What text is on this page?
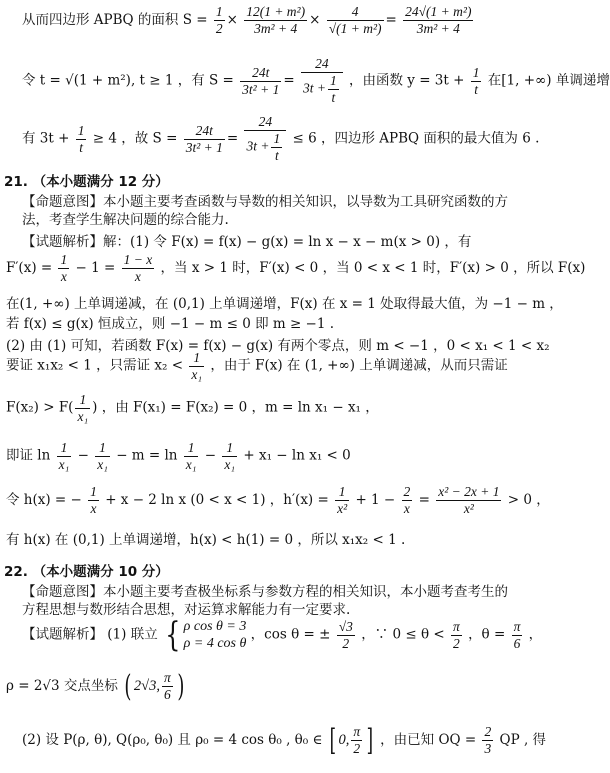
从而四边形 APBQ 的面积 $S = \frac{1}{2} \times \frac{\text{12(1 + m²)}}{\text{3m² + 4}} \times \frac{4}{\text{√(1 + m²)}} = \frac{\text{24√(1 + m²)}}{\text{3m² + 4}}$
令 t = √(1 + m²), t ≥ 1 ，有 $S = \frac{24t}{\text{3t² + 1}} = \frac{24}{3t + \frac{1}{t}}$ ，由函数 $y = 3t + \frac{1}{t}$ 在[1, +∞) 单调递增
有 $3t + \frac{1}{t} \ge 4$ ，故 $S = \frac{24t}{\text{3t² + 1}} = \frac{24}{3t + \frac{1}{t}} \le 6$ ，四边形 APBQ 面积的最大值为 6 .
21. （本小题满分 12 分）
【命题意图】本小题主要考查函数与导数的相关知识，以导数为工具研究函数的方
法，考查学生解决问题的综合能力.
【试题解析】解：(1) 令 F(x) = f(x) − g(x) = ln x − x − m(x > 0) ，有
$F'(x) = \frac{1}{x} - 1 = \frac{1 - x}{x}$ ，当 x > 1 时，F′(x) < 0 ，当 0 < x < 1 时，F′(x) > 0 ，所以 F(x)
在(1, +∞) 上单调递减，在 (0,1) 上单调递增，F(x) 在 x = 1 处取得最大值，为 −1 − m ，
若 f(x) ≤ g(x) 恒成立，则 −1 − m ≤ 0 即 m ≥ −1 .
(2) 由 (1) 可知，若函数 F(x) = f(x) − g(x) 有两个零点，则 m < −1 ，0 < x₁ < 1 < x₂
要证 x₁x₂ < 1 ，只需证 $x_2 < \frac{1}{\text{x₁}}$ ，由于 F(x) 在 (1, +∞) 上单调递减，从而只需证
$F(x_2) > F( \frac{1}{\text{x₁}}$ ) ，由 F(x₁) = F(x₂) = 0 ，m = ln x₁ − x₁ ，
即证 $\ln \frac{1}{\text{x₁}} - \frac{1}{\text{x₁}} - m = \ln \frac{1}{\text{x₁}} - \frac{1}{\text{x₁}} + x_1 - \ln x_1 < 0$
令 h(x) = − $\frac{1}{x} + x - 2$ ln x (0 < x < 1) ，$h'(x) = \frac{1}{\text{x²}} + 1 - \frac{2}{x} = \frac{\text{x² − 2x + 1}}{\text{x²}} > 0$ ，
有 h(x) 在 (0,1) 上单调递增，h(x) < h(1) = 0 ，所以 x₁x₂ < 1 .
22. （本小题满分 10 分）
【命题意图】本小题主要考查极坐标系与参数方程的相关知识，本小题考查考生的
方程思想与数形结合思想，对运算求解能力有一定要求.
【试题解析】 (1) 联立 { ρ cos θ = 3
ρ = 4 cos θ
，cos θ = ± $\frac{√3}{2}$ ，∵ $0 \le \theta < \frac{\pi}{2}$ ，$\theta = \frac{\pi}{6}$ ，
ρ = 2√3 交点坐标 ( 2√3, $\frac{\pi}{6}$ )
(2) 设 P(ρ, θ), Q(ρ₀, θ₀) 且 ρ₀ = 4 cos θ₀ , θ₀ ∈ [ 0, $\frac{\pi}{2}$ ] ，由已知 OQ = $\frac{2}{3}$ QP , 得
